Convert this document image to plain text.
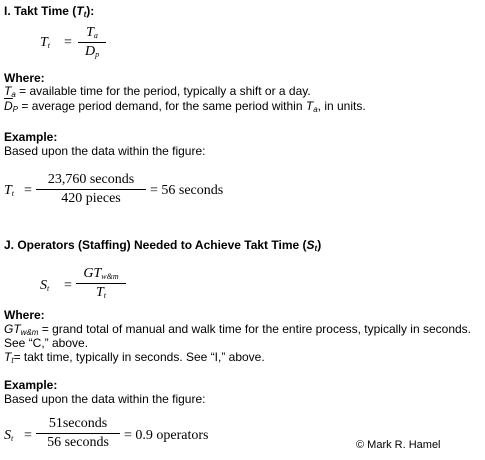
I. Takt Time $(T_t)$:
$T_t$ =
$T_a$
$D_p$
Where:
$T_a$ = available time for the period, typically a shift or a day.
$\overline{D}_P$ = average period demand, for the same period within $T_a$, in units.
Example:
Based upon the data within the figure:
$T_t$ =
23,760 seconds
420 pieces
= 56 seconds
J. Operators (Staffing) Needed to Achieve Takt Time $(S_t)$
$S_t$ =
$GT_{w\&m}$
$T_t$
Where:
$GT_{w\&m}$ = grand total of manual and walk time for the entire process, typically in seconds.
See “C,” above.
$T_t=$ takt time, typically in seconds. See “I,” above.
Example:
Based upon the data within the figure:
$S_t$ =
51seconds
56 seconds	= 0.9 operators
© Mark R. Hamel
